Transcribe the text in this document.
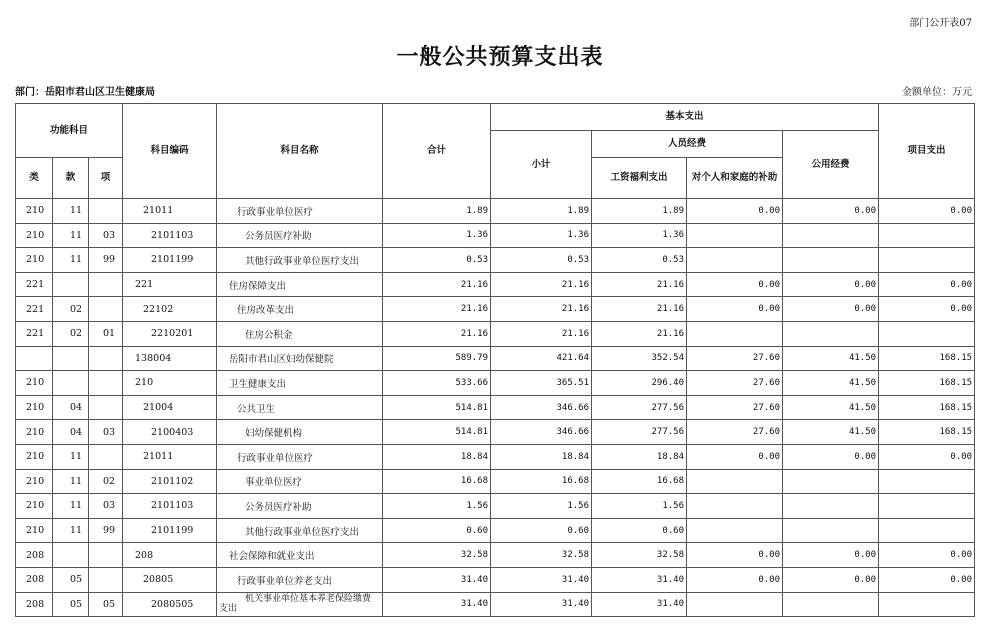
部门公开表07
一般公共预算支出表
部门：岳阳市君山区卫生健康局	金额单位：万元
功能科目			科目编码	科目名称	合计	基本支出				项目支出
						小计	人员经费		公用经费	
类	款	项					工资福利支出	对个人和家庭的补助		
210	11		21011	行政事业单位医疗	1.89	1.89	1.89	0.00	0.00	0.00
210	11	03	2101103	公务员医疗补助	1.36	1.36	1.36			
210	11	99	2101199	其他行政事业单位医疗支出	0.53	0.53	0.53			
221			221	住房保障支出	21.16	21.16	21.16	0.00	0.00	0.00
221	02		22102	住房改革支出	21.16	21.16	21.16	0.00	0.00	0.00
221	02	01	2210201	住房公积金	21.16	21.16	21.16			
			138004	岳阳市君山区妇幼保健院	589.79	421.64	352.54	27.60	41.50	168.15
210			210	卫生健康支出	533.66	365.51	296.40	27.60	41.50	168.15
210	04		21004	公共卫生	514.81	346.66	277.56	27.60	41.50	168.15
210	04	03	2100403	妇幼保健机构	514.81	346.66	277.56	27.60	41.50	168.15
210	11		21011	行政事业单位医疗	18.84	18.84	18.84	0.00	0.00	0.00
210	11	02	2101102	事业单位医疗	16.68	16.68	16.68			
210	11	03	2101103	公务员医疗补助	1.56	1.56	1.56			
210	11	99	2101199	其他行政事业单位医疗支出	0.60	0.60	0.60			
208			208	社会保障和就业支出	32.58	32.58	32.58	0.00	0.00	0.00
208	05		20805	行政事业单位养老支出	31.40	31.40	31.40	0.00	0.00	0.00
208	05	05	2080505	机关事业单位基本养老保险缴费支出	31.40	31.40	31.40			
